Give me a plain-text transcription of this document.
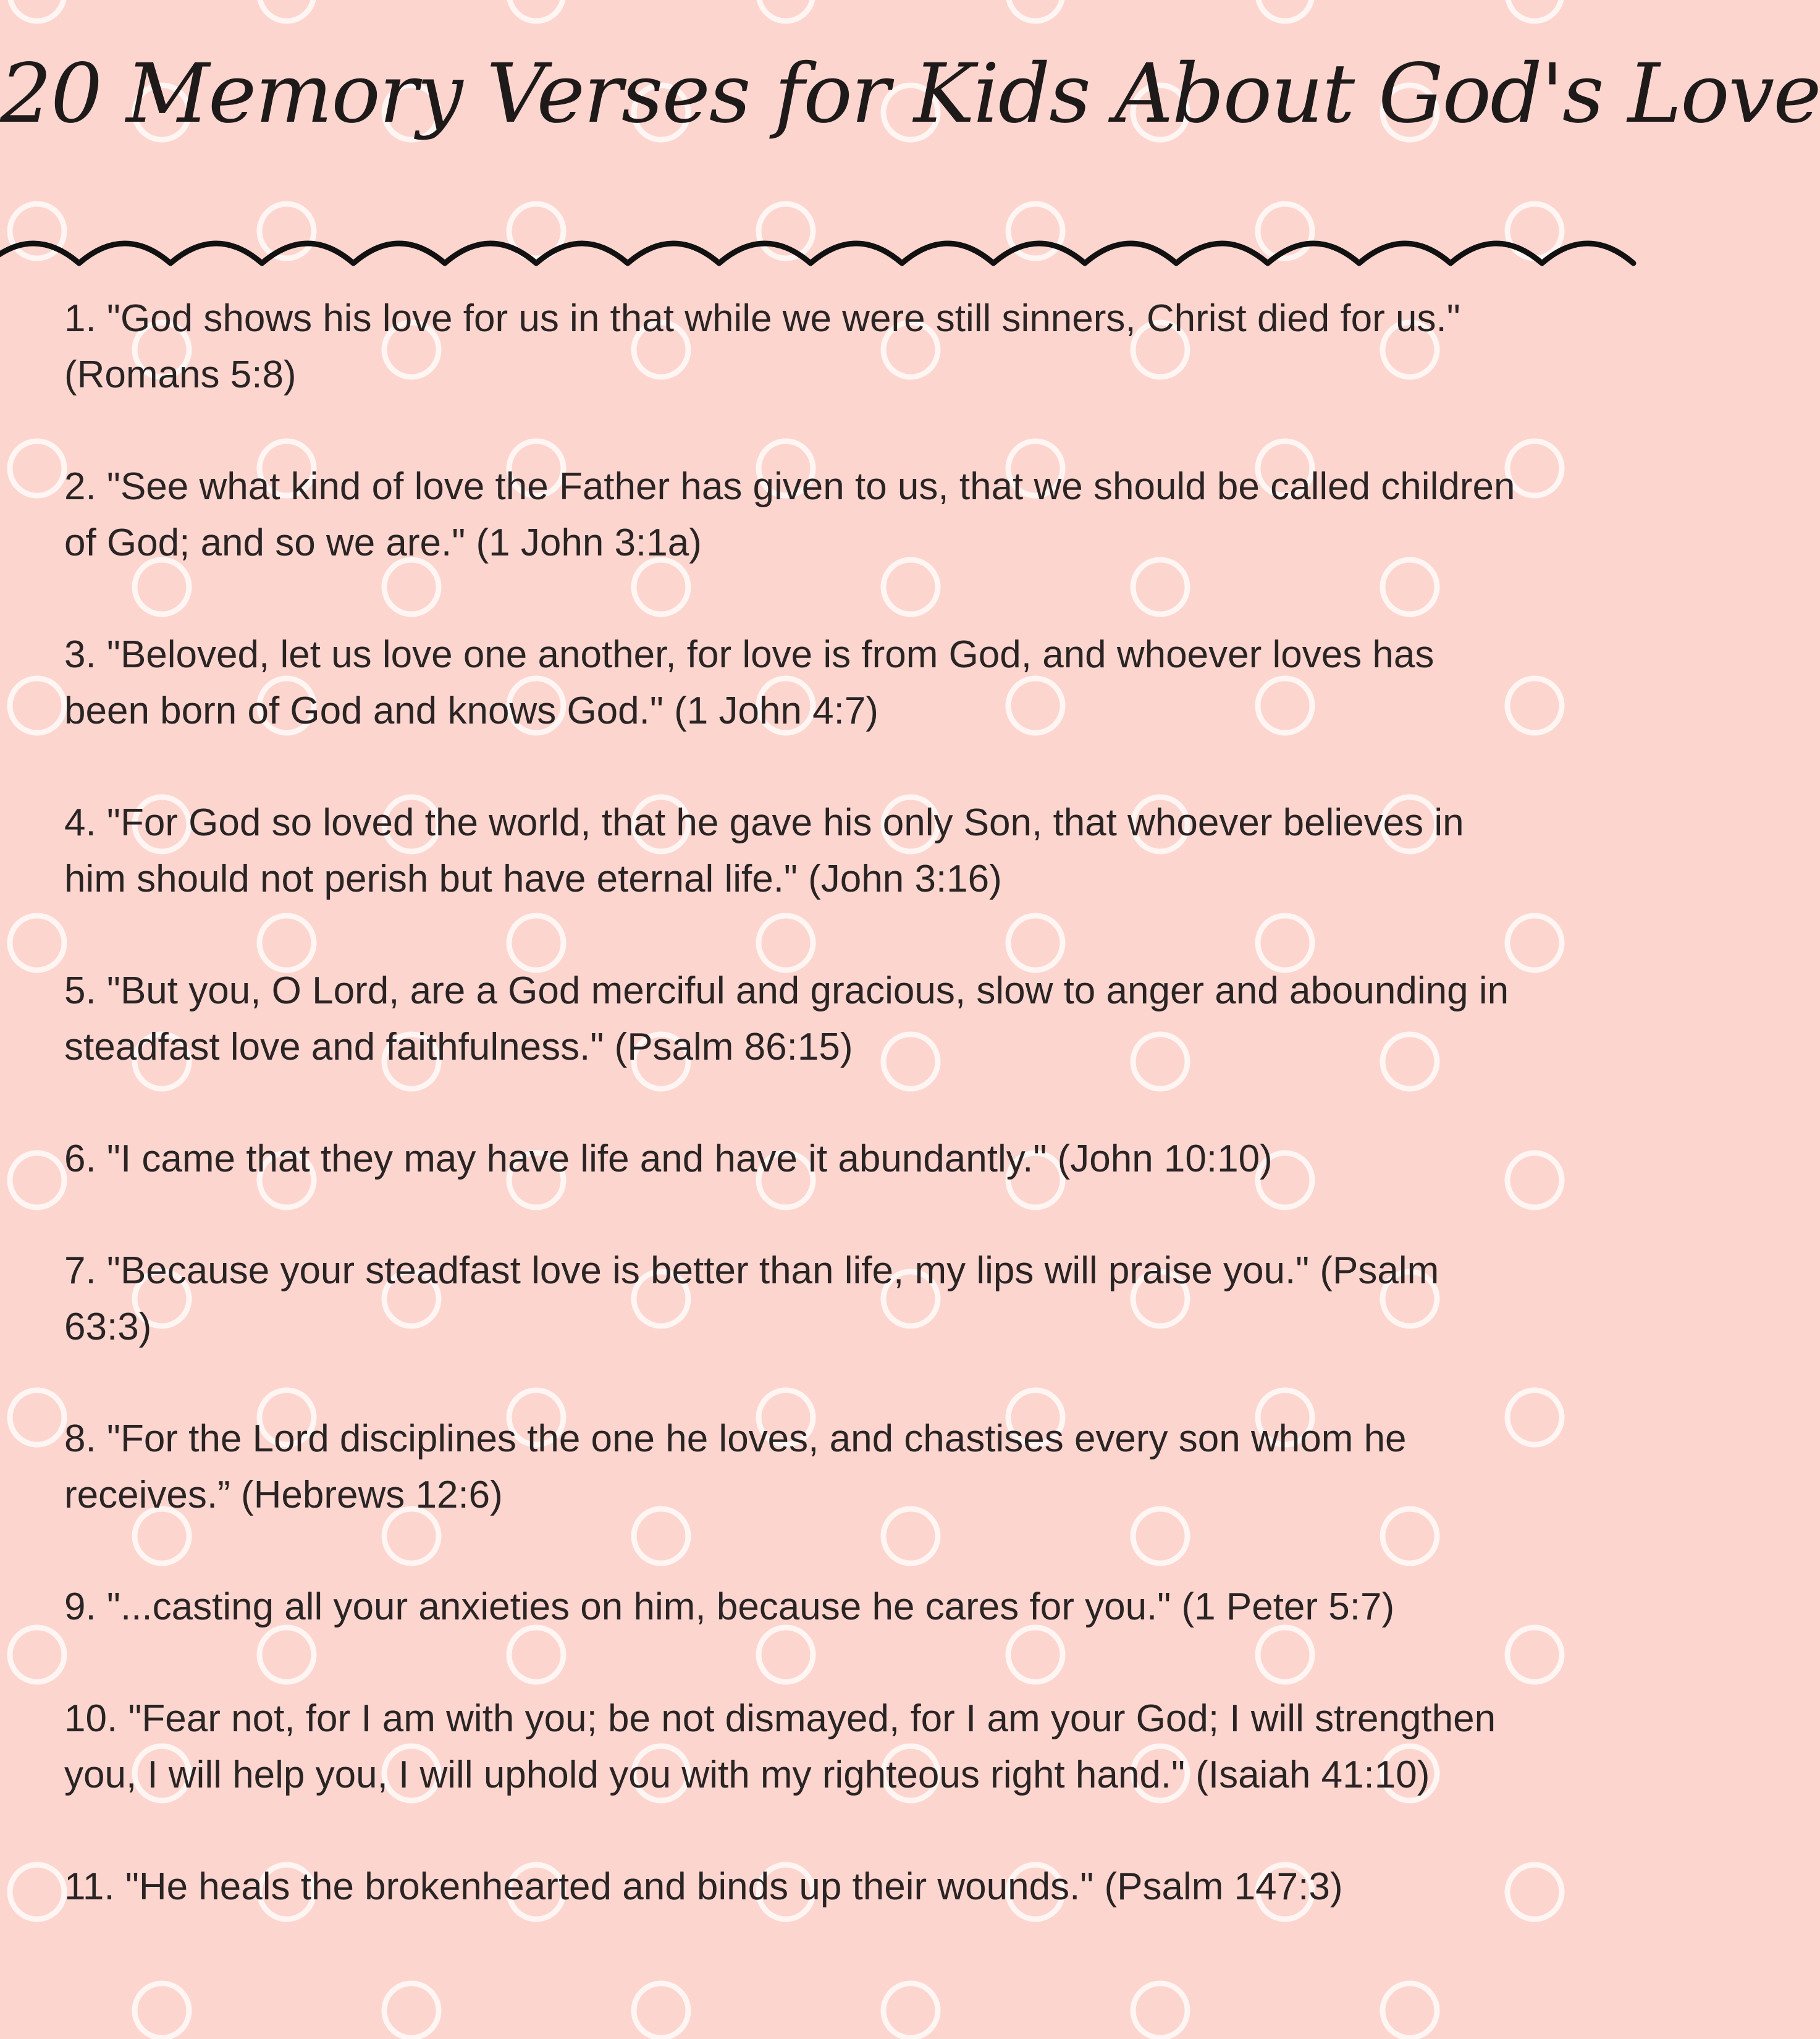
20 Memory Verses for Kids About God's Love
1. "God shows his love for us in that while we were still sinners, Christ died for us." (Romans 5:8)
2. "See what kind of love the Father has given to us, that we should be called children of God; and so we are." (1 John 3:1a)
3. "Beloved, let us love one another, for love is from God, and whoever loves has been born of God and knows God." (1 John 4:7)
4. "For God so loved the world, that he gave his only Son, that whoever believes in him should not perish but have eternal life." (John 3:16)
5. "But you, O Lord, are a God merciful and gracious, slow to anger and abounding in steadfast love and faithfulness." (Psalm 86:15)
6. "I came that they may have life and have it abundantly." (John 10:10)
7. "Because your steadfast love is better than life, my lips will praise you." (Psalm 63:3)
8. "For the Lord disciplines the one he loves, and chastises every son whom he receives.” (Hebrews 12:6)
9. "...casting all your anxieties on him, because he cares for you." (1 Peter 5:7)
10. "Fear not, for I am with you; be not dismayed, for I am your God; I will strengthen you, I will help you, I will uphold you with my righteous right hand." (Isaiah 41:10)
11. "He heals the brokenhearted and binds up their wounds." (Psalm 147:3)
